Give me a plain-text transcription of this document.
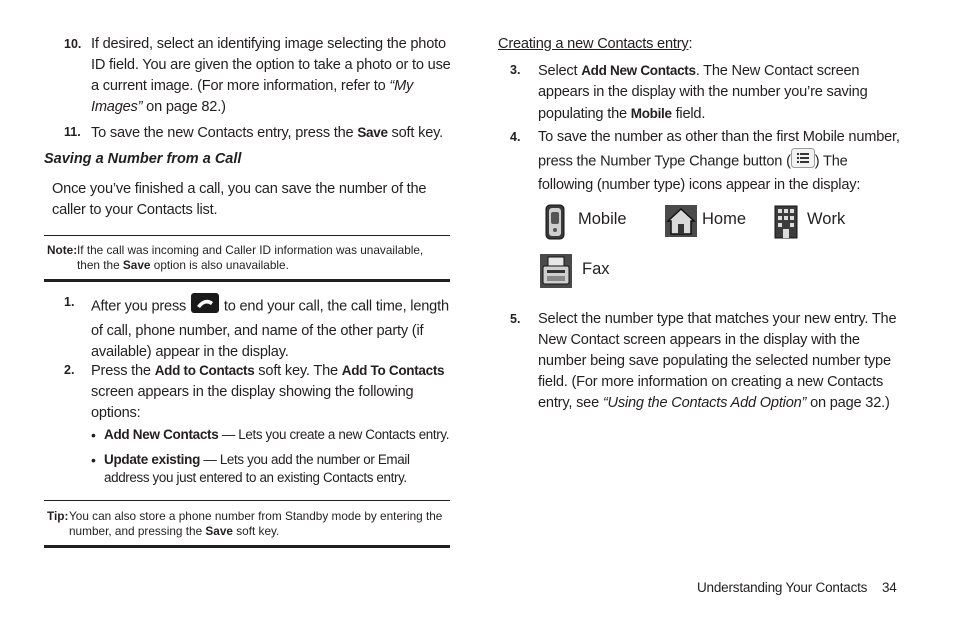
10. If desired, select an identifying image selecting the photo ID field. You are given the option to take a photo or to use a current image. (For more information, refer to “My Images” on page 82.)
11. To save the new Contacts entry, press the Save soft key.
Saving a Number from a Call
Once you’ve finished a call, you can save the number of the caller to your Contacts list.
Note: If the call was incoming and Caller ID information was unavailable, then the Save option is also unavailable.
1. After you press  to end your call, the call time, length of call, phone number, and name of the other party (if available) appear in the display.
2. Press the Add to Contacts soft key. The Add To Contacts screen appears in the display showing the following options:
• Add New Contacts — Lets you create a new Contacts entry.
• Update existing — Lets you add the number or Email address you just entered to an existing Contacts entry.
Tip: You can also store a phone number from Standby mode by entering the number, and pressing the Save soft key.
Creating a new Contacts entry:
3. Select Add New Contacts. The New Contact screen appears in the display with the number you’re saving populating the Mobile field.
4. To save the number as other than the first Mobile number, press the Number Type Change button ( ) The following (number type) icons appear in the display:
Mobile	Home	Work
Fax
5. Select the number type that matches your new entry. The New Contact screen appears in the display with the number being save populating the selected number type field. (For more information on creating a new Contacts entry, see “Using the Contacts Add Option” on page 32.)
Understanding Your Contacts 34
